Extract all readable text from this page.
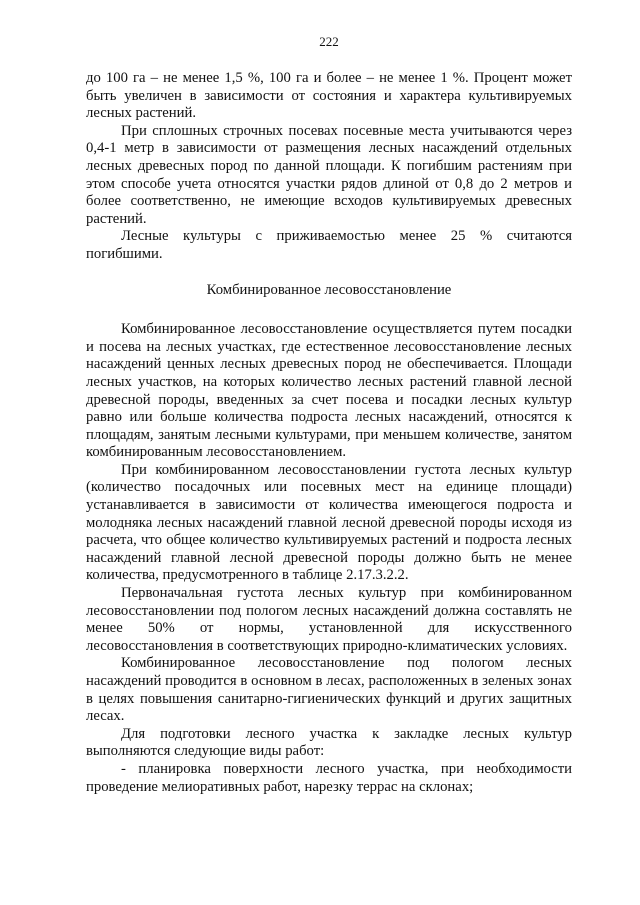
222

до 100 га – не менее 1,5 %, 100 га и более – не менее 1 %. Процент может быть увеличен в зависимости от состояния и характера культивируемых лесных растений.

При сплошных строчных посевах посевные места учитываются через 0,4-1 метр в зависимости от размещения лесных насаждений отдельных лесных древесных пород по данной площади. К погибшим растениям при этом способе учета относятся участки рядов длиной от 0,8 до 2 метров и более соответственно, не имеющие всходов культивируемых древесных растений.

Лесные культуры с приживаемостью менее 25 % считаются погибшими.

Комбинированное лесовосстановление

Комбинированное лесовосстановление осуществляется путем посадки и посева на лесных участках, где естественное лесовосстановление лесных насаждений ценных лесных древесных пород не обеспечивается. Площади лесных участков, на которых количество лесных растений главной лесной древесной породы, введенных за счет посева и посадки лесных культур равно или больше количества подроста лесных насаждений, относятся к площадям, занятым лесными культурами, при меньшем количестве, занятом комбинированным лесовосстановлением.

При комбинированном лесовосстановлении густота лесных культур (количество посадочных или посевных мест на единице площади) устанавливается в зависимости от количества имеющегося подроста и молодняка лесных насаждений главной лесной древесной породы исходя из расчета, что общее количество культивируемых растений и подроста лесных насаждений главной лесной древесной породы должно быть не менее количества, предусмотренного в таблице 2.17.3.2.2.

Первоначальная густота лесных культур при комбинированном лесовосстановлении под пологом лесных насаждений должна составлять не менее 50% от нормы, установленной для искусственного лесовосстановления в соответствующих природно-климатических условиях.

Комбинированное лесовосстановление под пологом лесных насаждений проводится в основном в лесах, расположенных в зеленых зонах в целях повышения санитарно-гигиенических функций и других защитных лесах.

Для подготовки лесного участка к закладке лесных культур выполняются следующие виды работ:

- планировка поверхности лесного участка, при необходимости проведение мелиоративных работ, нарезку террас на склонах;
